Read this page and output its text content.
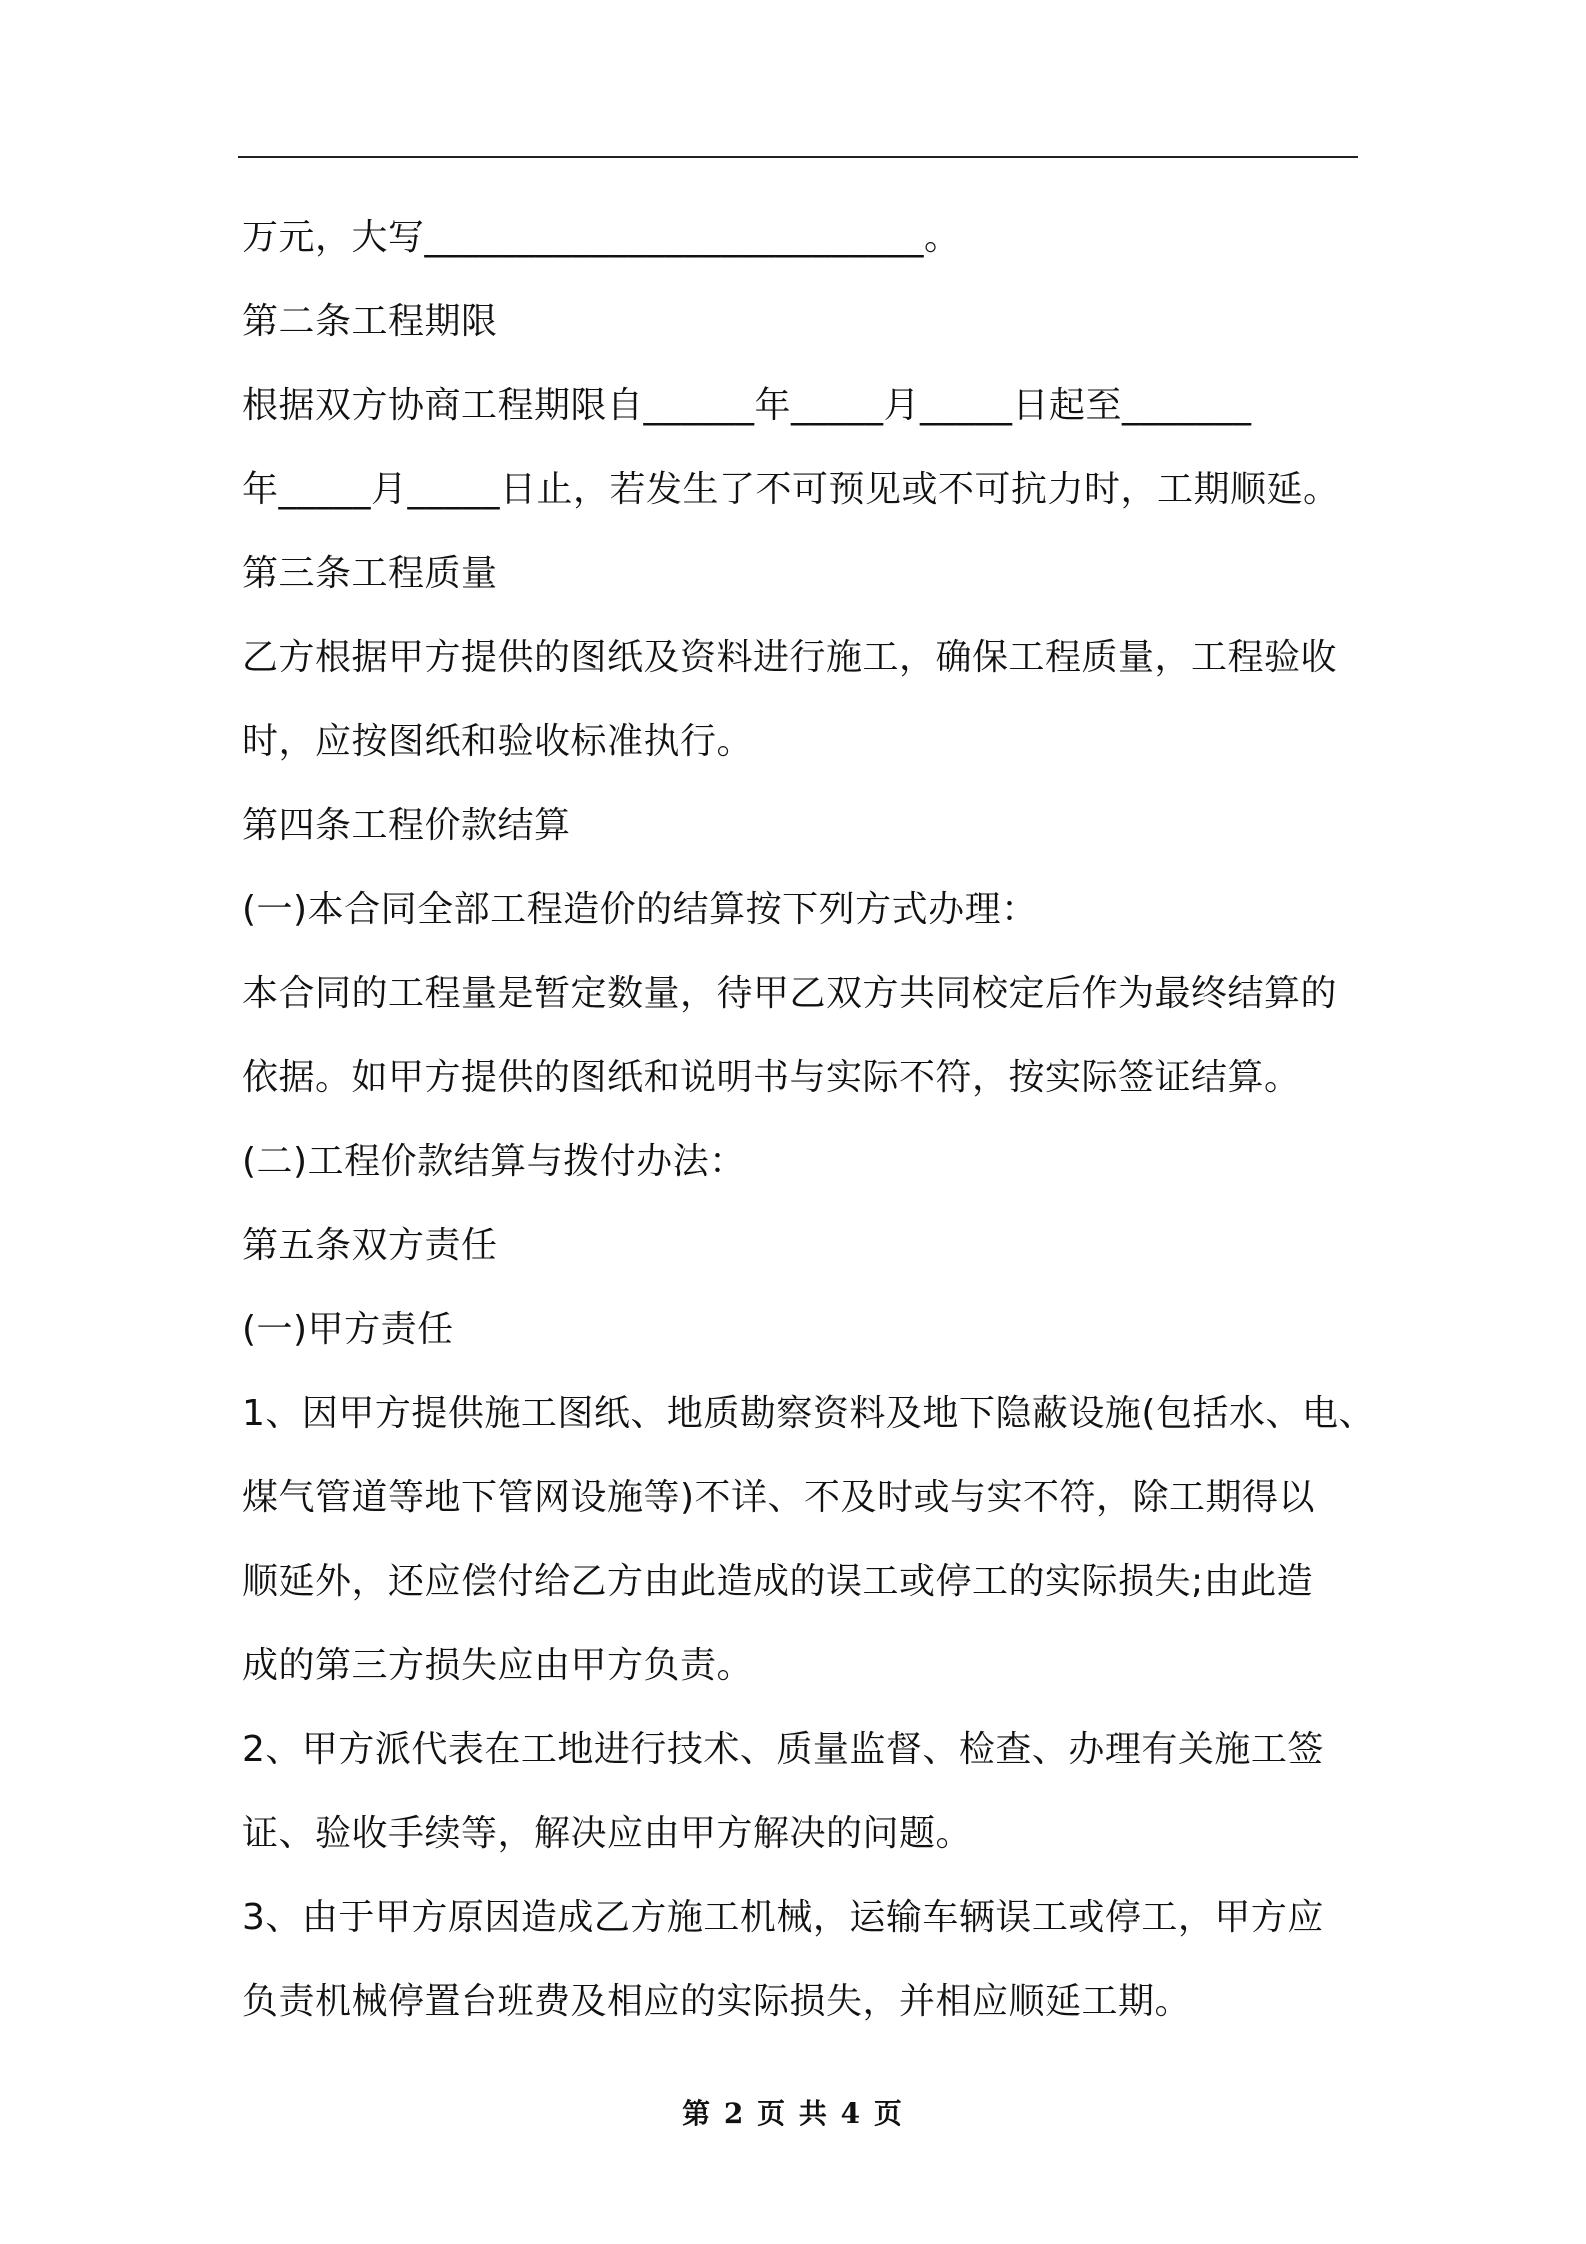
万元，大写___________________________。
第二条工程期限
根据双方协商工程期限自______年_____月_____日起至_______
年_____月_____日止，若发生了不可预见或不可抗力时，工期顺延。
第三条工程质量
乙方根据甲方提供的图纸及资料进行施工，确保工程质量，工程验收
时，应按图纸和验收标准执行。
第四条工程价款结算
(一)本合同全部工程造价的结算按下列方式办理：
本合同的工程量是暂定数量，待甲乙双方共同校定后作为最终结算的
依据。如甲方提供的图纸和说明书与实际不符，按实际签证结算。
(二)工程价款结算与拨付办法：
第五条双方责任
(一)甲方责任
1、因甲方提供施工图纸、地质勘察资料及地下隐蔽设施(包括水、电、
煤气管道等地下管网设施等)不详、不及时或与实不符，除工期得以
顺延外，还应偿付给乙方由此造成的误工或停工的实际损失;由此造
成的第三方损失应由甲方负责。
2、甲方派代表在工地进行技术、质量监督、检查、办理有关施工签
证、验收手续等，解决应由甲方解决的问题。
3、由于甲方原因造成乙方施工机械，运输车辆误工或停工，甲方应
负责机械停置台班费及相应的实际损失，并相应顺延工期。
第 2 页 共 4 页
